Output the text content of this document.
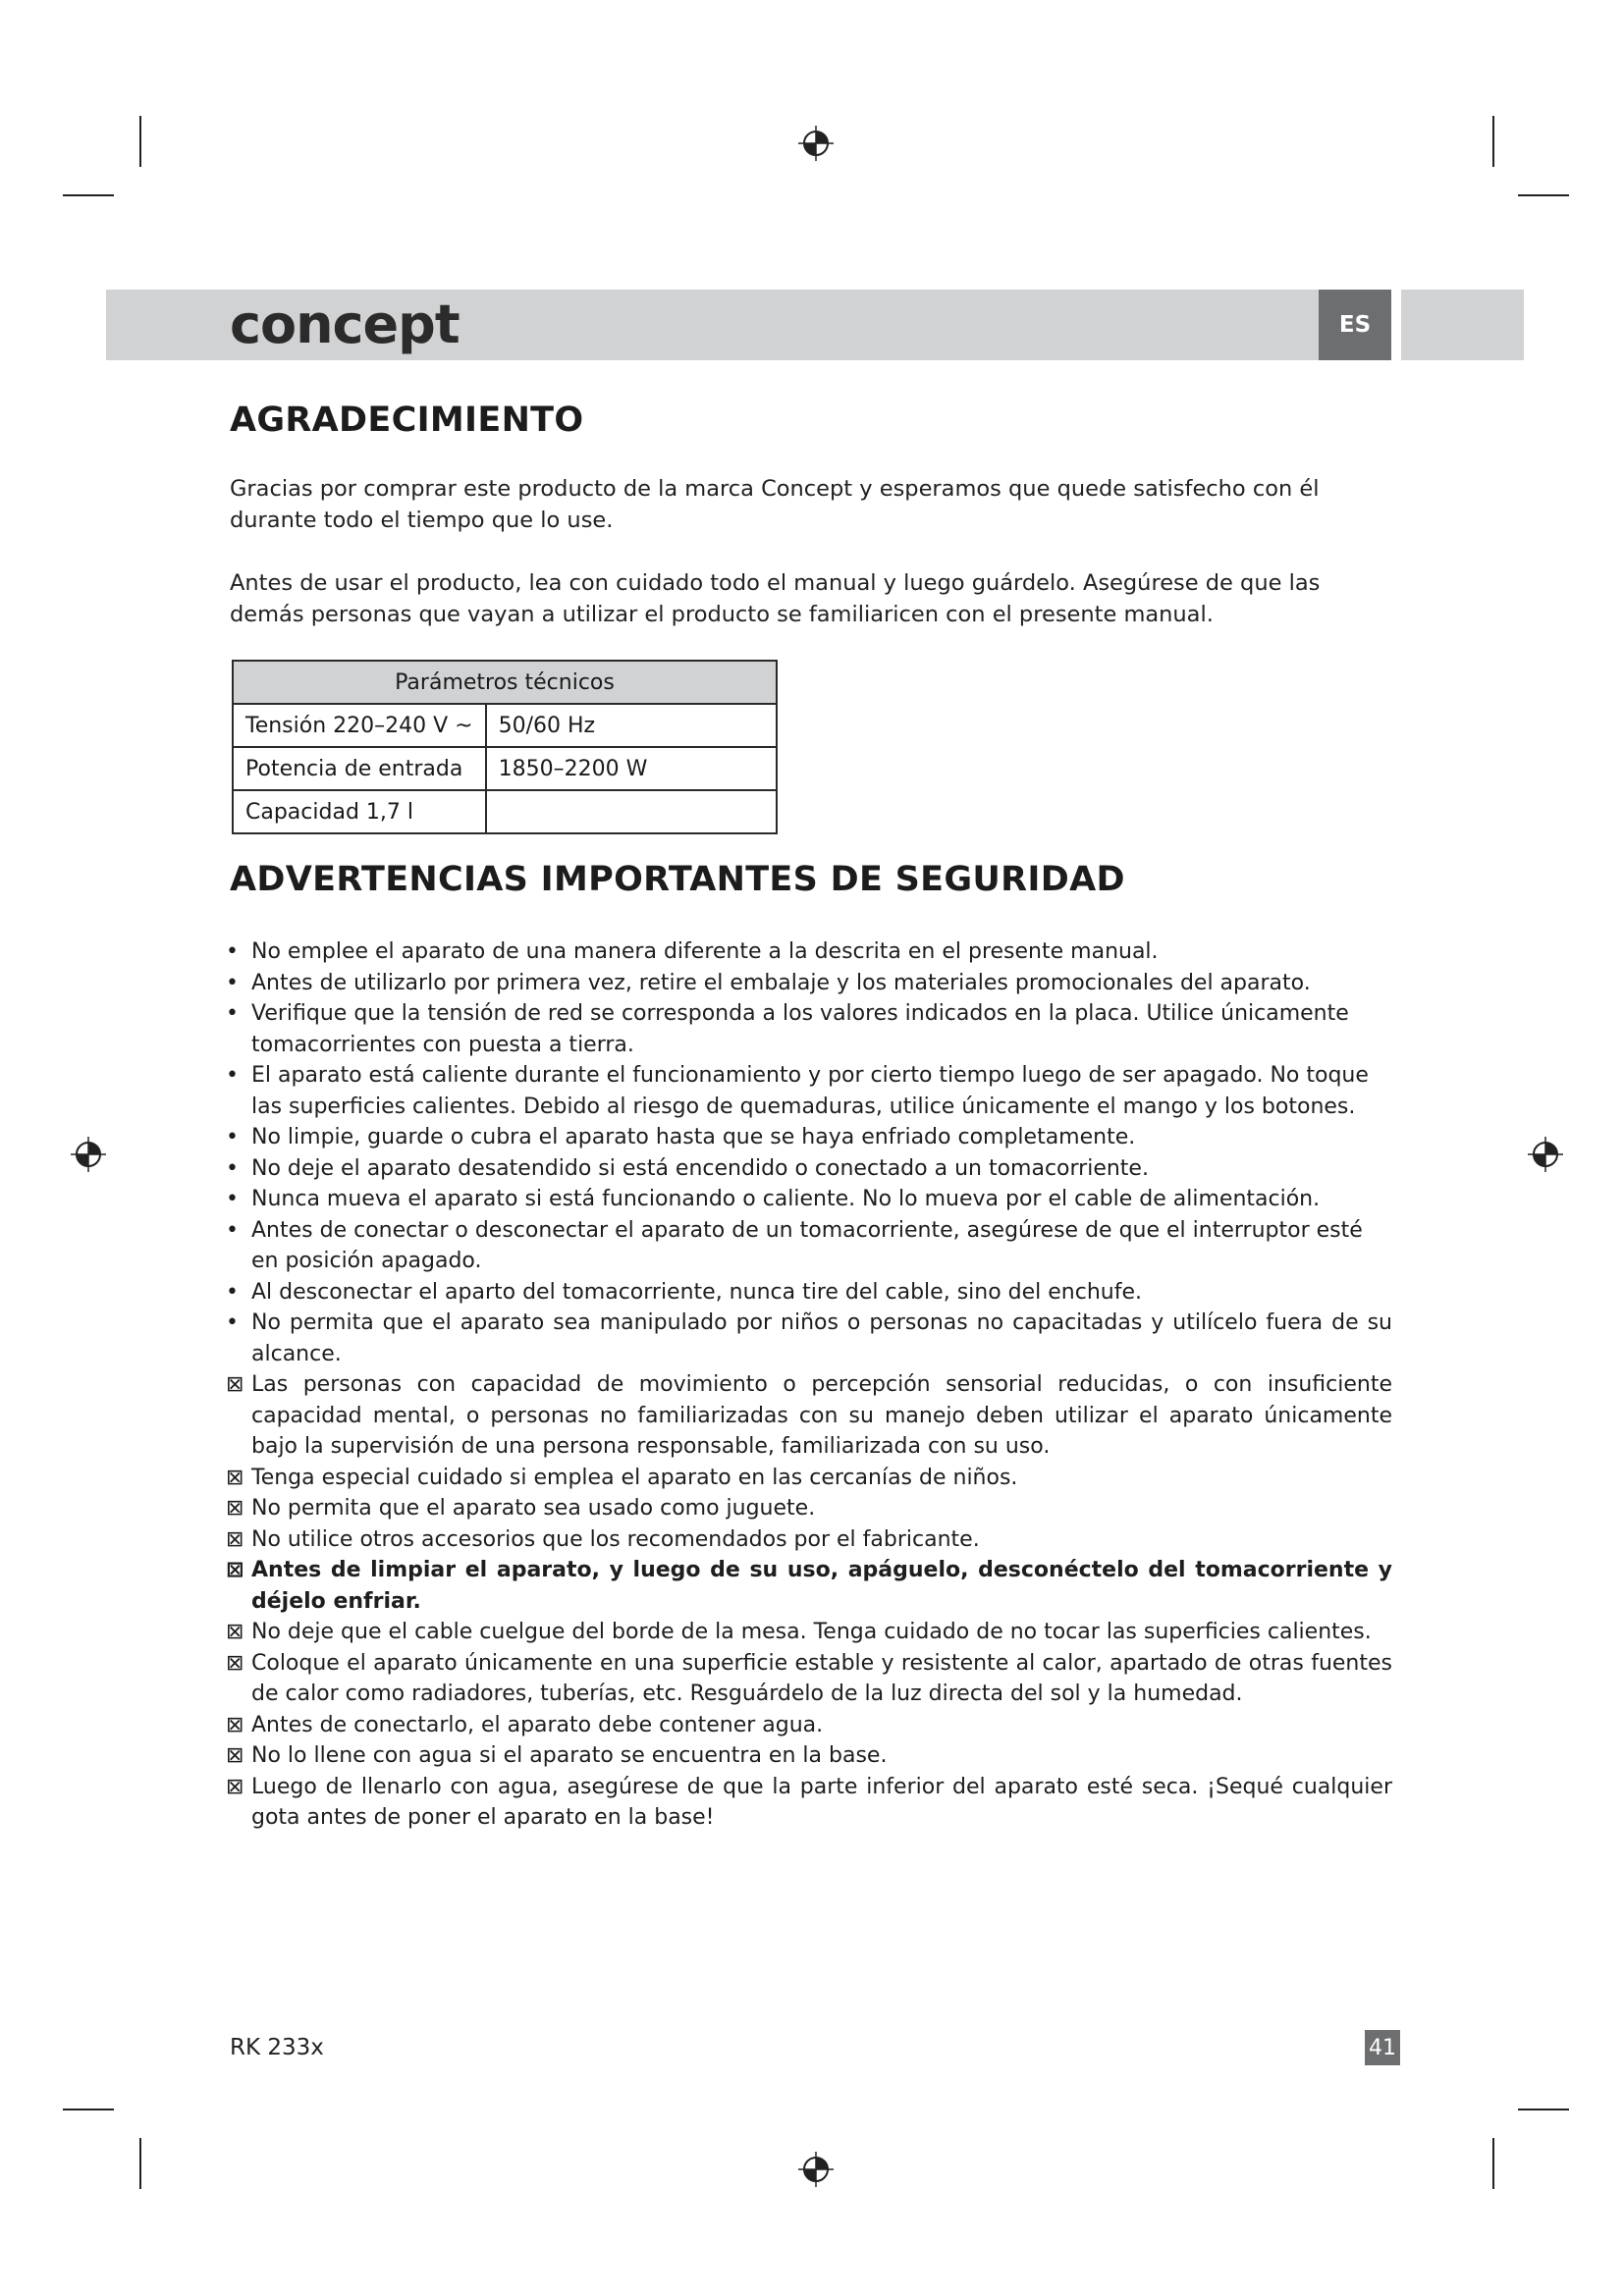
concept	ES
AGRADECIMIENTO

Gracias por comprar este producto de la marca Concept y esperamos que quede satisfecho con él durante todo el tiempo que lo use.

Antes de usar el producto, lea con cuidado todo el manual y luego guárdelo. Asegúrese de que las demás personas que vayan a utilizar el producto se familiaricen con el presente manual.

Parámetros técnicos	
Tensión 220–240 V ~	50/60 Hz
Potencia de entrada	1850–2200 W
Capacidad 1,7 l	
ADVERTENCIAS IMPORTANTES DE SEGURIDAD
• No emplee el aparato de una manera diferente a la descrita en el presente manual.
• Antes de utilizarlo por primera vez, retire el embalaje y los materiales promocionales del aparato.
• Verifique que la tensión de red se corresponda a los valores indicados en la placa. Utilice únicamente tomacorrientes con puesta a tierra.
• El aparato está caliente durante el funcionamiento y por cierto tiempo luego de ser apagado. No toque las superficies calientes. Debido al riesgo de quemaduras, utilice únicamente el mango y los botones.
• No limpie, guarde o cubra el aparato hasta que se haya enfriado completamente.
• No deje el aparato desatendido si está encendido o conectado a un tomacorriente.
• Nunca mueva el aparato si está funcionando o caliente. No lo mueva por el cable de alimentación.
• Antes de conectar o desconectar el aparato de un tomacorriente, asegúrese de que el interruptor esté en posición apagado.
• Al desconectar el aparto del tomacorriente, nunca tire del cable, sino del enchufe.
• No permita que el aparato sea manipulado por niños o personas no capacitadas y utilícelo fuera de su alcance.
⊠ Las personas con capacidad de movimiento o percepción sensorial reducidas, o con insuficiente capacidad mental, o personas no familiarizadas con su manejo deben utilizar el aparato únicamente bajo la supervisión de una persona responsable, familiarizada con su uso.
⊠ Tenga especial cuidado si emplea el aparato en las cercanías de niños.
⊠ No permita que el aparato sea usado como juguete.
⊠ No utilice otros accesorios que los recomendados por el fabricante.
⊠ Antes de limpiar el aparato, y luego de su uso, apáguelo, desconéctelo del tomacorriente y déjelo enfriar.
⊠ No deje que el cable cuelgue del borde de la mesa. Tenga cuidado de no tocar las superficies calientes.
⊠ Coloque el aparato únicamente en una superficie estable y resistente al calor, apartado de otras fuentes de calor como radiadores, tuberías, etc. Resguárdelo de la luz directa del sol y la humedad.
⊠ Antes de conectarlo, el aparato debe contener agua.
⊠ No lo llene con agua si el aparato se encuentra en la base.
⊠ Luego de llenarlo con agua, asegúrese de que la parte inferior del aparato esté seca. ¡Sequé cualquier gota antes de poner el aparato en la base!
RK 233x	41
